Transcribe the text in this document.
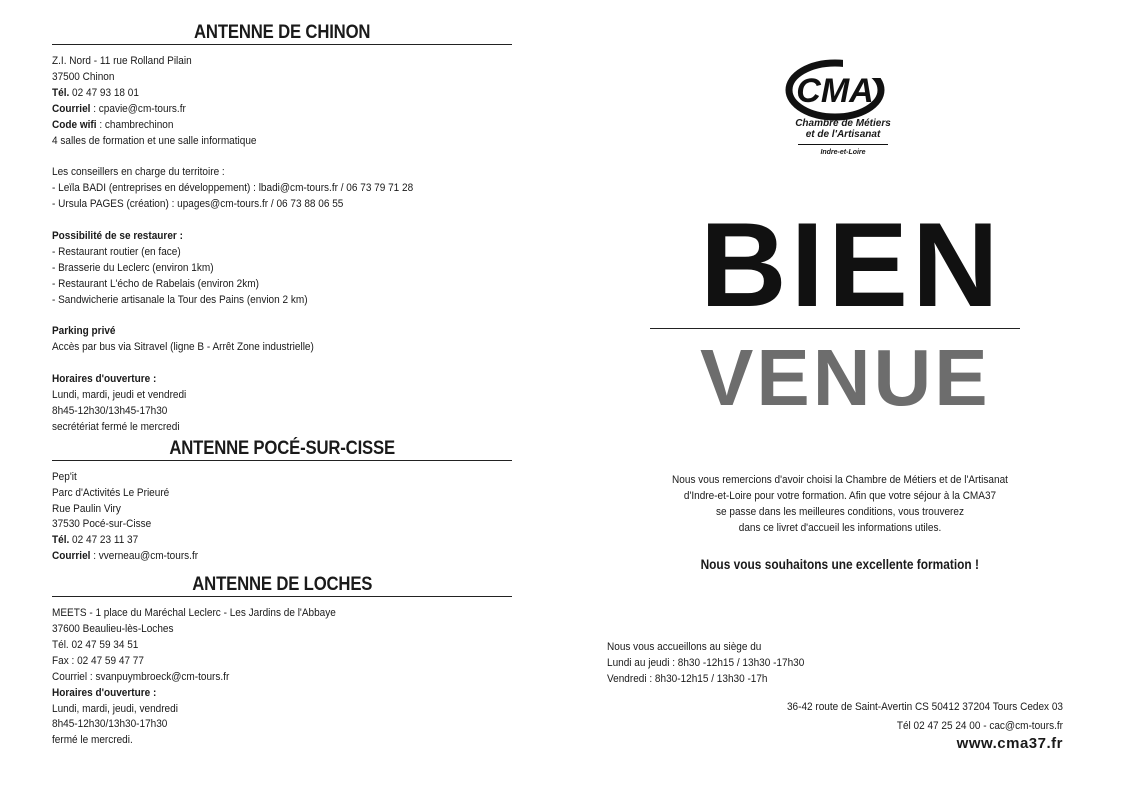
ANTENNE DE CHINON
Z.I. Nord - 11 rue Rolland Pilain
37500 Chinon
Tél. 02 47 93 18 01
Courriel : cpavie@cm-tours.fr
Code wifi : chambrechinon
4 salles de formation et une salle informatique
Les conseillers en charge du territoire :
- Leïla BADI (entreprises en développement) : lbadi@cm-tours.fr / 06 73 79 71 28
- Ursula PAGES (création) : upages@cm-tours.fr / 06 73 88 06 55
Possibilité de se restaurer :
- Restaurant routier (en face)
- Brasserie du Leclerc (environ 1km)
- Restaurant L'écho de Rabelais (environ 2km)
- Sandwicherie artisanale la Tour des Pains (envion 2 km)
Parking privé
Accès par bus via Sitravel (ligne B - Arrêt Zone industrielle)
Horaires d'ouverture :
Lundi, mardi, jeudi et vendredi
8h45-12h30/13h45-17h30
secrétériat fermé le mercredi
ANTENNE POCÉ-SUR-CISSE
Pep'it
Parc d'Activités Le Prieuré
Rue Paulin Viry
37530 Pocé-sur-Cisse
Tél. 02 47 23 11 37
Courriel : vverneau@cm-tours.fr
ANTENNE DE LOCHES
MEETS - 1 place du Maréchal Leclerc - Les Jardins de l'Abbaye
37600 Beaulieu-lès-Loches
Tél. 02 47 59 34 51
Fax : 02 47 59 47 77
Courriel : svanpuymbroeck@cm-tours.fr
Horaires d'ouverture :
Lundi, mardi, jeudi, vendredi
8h45-12h30/13h30-17h30
fermé le mercredi.
CMA
Chambre de Métiers
et de l'Artisanat
Indre-et-Loire
BIEN
VENUE
Nous vous remercions d'avoir choisi la Chambre de Métiers et de l'Artisanat
d'Indre-et-Loire pour votre formation. Afin que votre séjour à la CMA37
se passe dans les meilleures conditions, vous trouverez
dans ce livret d'accueil les informations utiles.
Nous vous souhaitons une excellente formation !
Nous vous accueillons au siège du
Lundi au jeudi : 8h30 -12h15 / 13h30 -17h30
Vendredi : 8h30-12h15 / 13h30 -17h
36-42 route de Saint-Avertin CS 50412 37204 Tours Cedex 03
Tél 02 47 25 24 00 - cac@cm-tours.fr
www.cma37.fr
